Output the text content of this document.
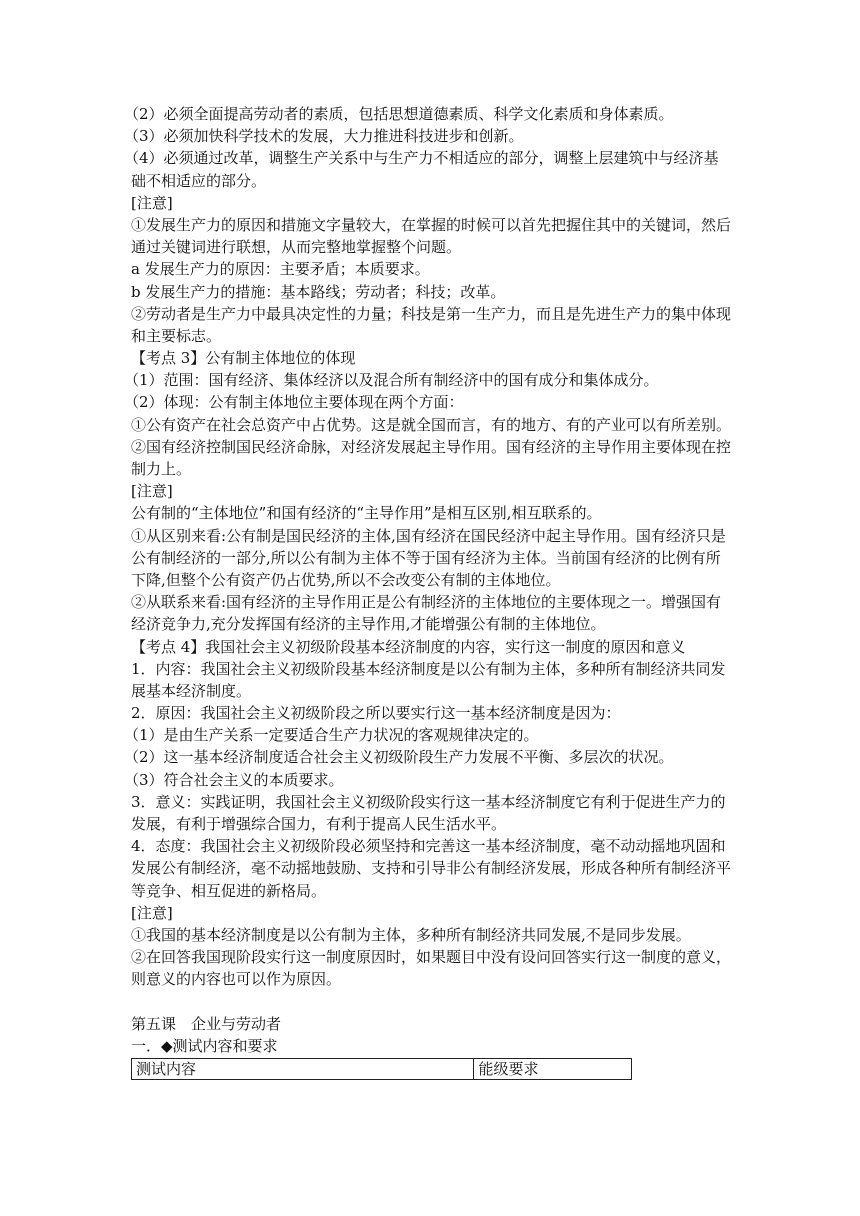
（2）必须全面提高劳动者的素质，包括思想道德素质、科学文化素质和身体素质。
（3）必须加快科学技术的发展，大力推进科技进步和创新。
（4）必须通过改革，调整生产关系中与生产力不相适应的部分，调整上层建筑中与经济基
础不相适应的部分。
[注意]
①发展生产力的原因和措施文字量较大，在掌握的时候可以首先把握住其中的关键词，然后
通过关键词进行联想，从而完整地掌握整个问题。
a 发展生产力的原因：主要矛盾；本质要求。
b 发展生产力的措施：基本路线；劳动者；科技；改革。
②劳动者是生产力中最具决定性的力量；科技是第一生产力，而且是先进生产力的集中体现
和主要标志。
【考点 3】公有制主体地位的体现
（1）范围：国有经济、集体经济以及混合所有制经济中的国有成分和集体成分。
（2）体现：公有制主体地位主要体现在两个方面：
①公有资产在社会总资产中占优势。这是就全国而言，有的地方、有的产业可以有所差别。
②国有经济控制国民经济命脉，对经济发展起主导作用。国有经济的主导作用主要体现在控
制力上。
[注意]
公有制的“主体地位”和国有经济的“主导作用”是相互区别,相互联系的。
①从区别来看:公有制是国民经济的主体,国有经济在国民经济中起主导作用。国有经济只是
公有制经济的一部分,所以公有制为主体不等于国有经济为主体。当前国有经济的比例有所
下降,但整个公有资产仍占优势,所以不会改变公有制的主体地位。
②从联系来看:国有经济的主导作用正是公有制经济的主体地位的主要体现之一。增强国有
经济竞争力,充分发挥国有经济的主导作用,才能增强公有制的主体地位。
【考点 4】我国社会主义初级阶段基本经济制度的内容，实行这一制度的原因和意义
1．内容：我国社会主义初级阶段基本经济制度是以公有制为主体，多种所有制经济共同发
展基本经济制度。
2．原因：我国社会主义初级阶段之所以要实行这一基本经济制度是因为：
（1）是由生产关系一定要适合生产力状况的客观规律决定的。
（2）这一基本经济制度适合社会主义初级阶段生产力发展不平衡、多层次的状况。
（3）符合社会主义的本质要求。
3．意义：实践证明，我国社会主义初级阶段实行这一基本经济制度它有利于促进生产力的
发展，有利于增强综合国力，有利于提高人民生活水平。
4．态度：我国社会主义初级阶段必须坚持和完善这一基本经济制度，毫不动动摇地巩固和
发展公有制经济，毫不动摇地鼓励、支持和引导非公有制经济发展，形成各种所有制经济平
等竞争、相互促进的新格局。
[注意]
①我国的基本经济制度是以公有制为主体，多种所有制经济共同发展,不是同步发展。
②在回答我国现阶段实行这一制度原因时，如果题目中没有设问回答实行这一制度的意义，
则意义的内容也可以作为原因。
第五课　企业与劳动者
一．◆测试内容和要求
测试内容	能级要求
